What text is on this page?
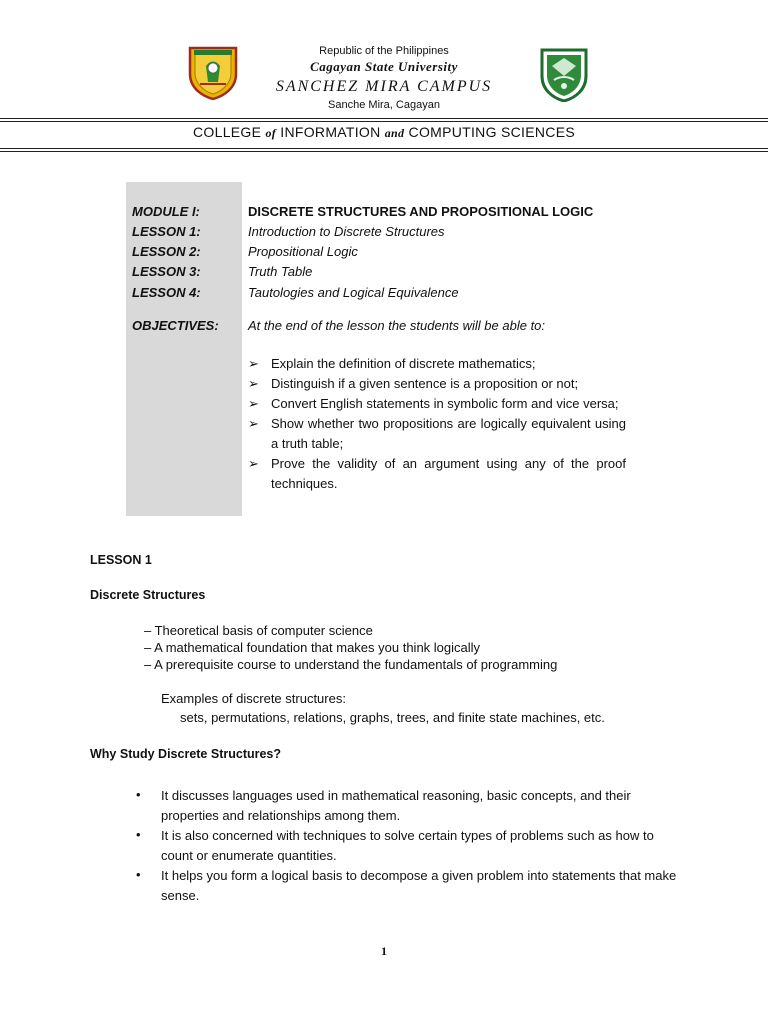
Republic of the Philippines
Cagayan State University
SANCHEZ MIRA CAMPUS
Sanche Mira, Cagayan
COLLEGE of INFORMATION and COMPUTING SCIENCES
MODULE I:	DISCRETE STRUCTURES AND PROPOSITIONAL LOGIC
LESSON 1:	Introduction to Discrete Structures
LESSON 2:	Propositional Logic
LESSON 3:	Truth Table
LESSON 4:	Tautologies and Logical Equivalence
OBJECTIVES: At the end of the lesson the students will be able to:
➢ Explain the definition of discrete mathematics;
➢ Distinguish if a given sentence is a proposition or not;
➢ Convert English statements in symbolic form and vice versa;
➢ Show whether two propositions are logically equivalent using a truth table;
➢ Prove the validity of an argument using any of the proof techniques.
LESSON 1
Discrete Structures
– Theoretical basis of computer science
– A mathematical foundation that makes you think logically
– A prerequisite course to understand the fundamentals of programming
Examples of discrete structures:
sets, permutations, relations, graphs, trees, and finite state machines, etc.
Why Study Discrete Structures?
• It discusses languages used in mathematical reasoning, basic concepts, and their properties and relationships among them.
• It is also concerned with techniques to solve certain types of problems such as how to count or enumerate quantities.
• It helps you form a logical basis to decompose a given problem into statements that make sense.
1
